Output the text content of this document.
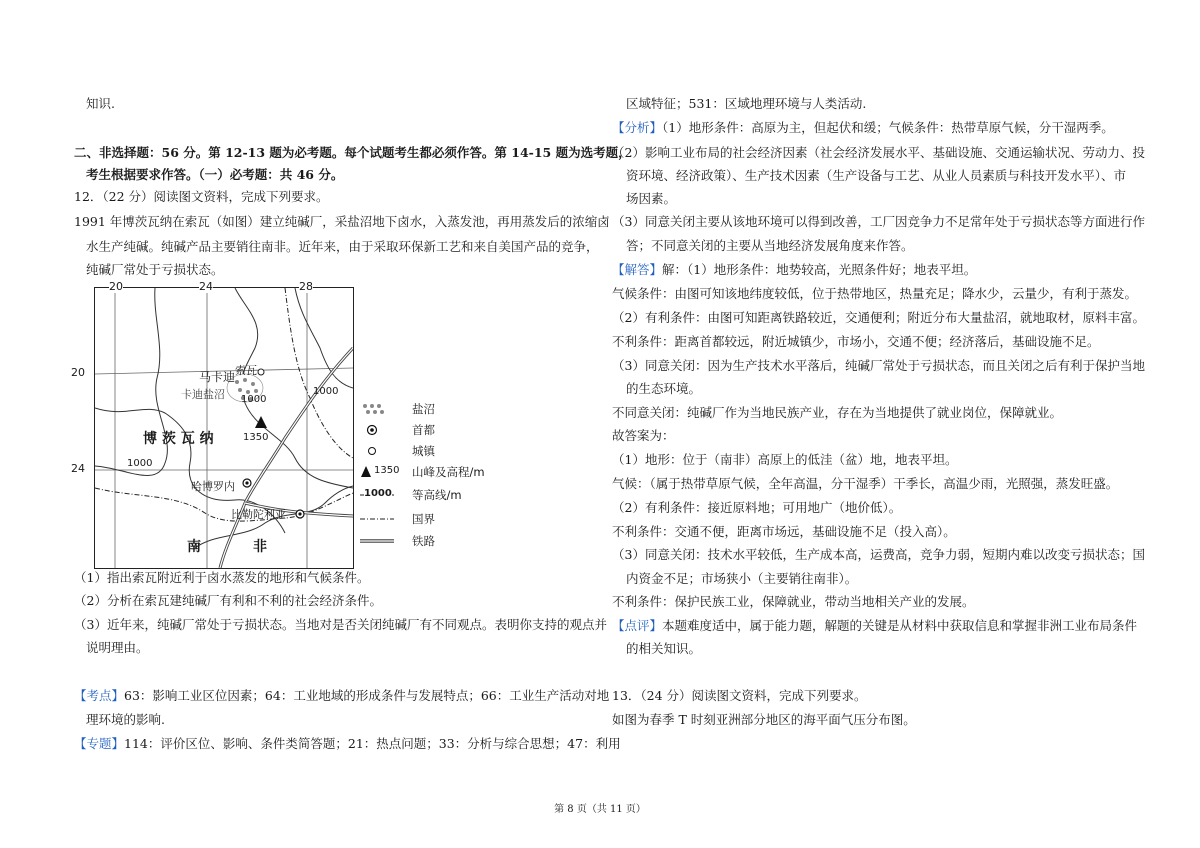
知识.
二、非选择题：56 分。第 12-13 题为必考题。每个试题考生都必须作答。第 14-15 题为选考题，
考生根据要求作答。（一）必考题：共 46 分。
12．（22 分）阅读图文资料，完成下列要求。
1991 年博茨瓦纳在索瓦（如图）建立纯碱厂，采盐沼地下卤水，入蒸发池，再用蒸发后的浓缩卤
水生产纯碱。纯碱产品主要销往南非。近年来，由于采取环保新工艺和来自美国产品的竞争，
纯碱厂常处于亏损状态。
（1）指出索瓦附近利于卤水蒸发的地形和气候条件。
（2）分析在索瓦建纯碱厂有利和不利的社会经济条件。
（3）近年来，纯碱厂常处于亏损状态。当地对是否关闭纯碱厂有不同观点。表明你支持的观点并
说明理由。
【考点】63：影响工业区位因素；64：工业地域的形成条件与发展特点；66：工业生产活动对地
理环境的影响.
【专题】114：评价区位、影响、条件类简答题；21：热点问题；33：分析与综合思想；47：利用
20	24	28
20
24
马卡迪
卡迪盐沼
索瓦
1000
1000
1000
1350
博 茨 瓦 纳
哈博罗内
比勒陀利亚
南	非
盐沼
首都
城镇
1350 山峰及高程/m
1000 等高线/m
国界
铁路
区域特征；531：区域地理环境与人类活动.
【分析】（1）地形条件：高原为主，但起伏和缓；气候条件：热带草原气候，分干湿两季。
（2）影响工业布局的社会经济因素（社会经济发展水平、基础设施、交通运输状况、劳动力、投
资环境、经济政策）、生产技术因素（生产设备与工艺、从业人员素质与科技开发水平）、市
场因素。
（3）同意关闭主要从该地环境可以得到改善，工厂因竞争力不足常年处于亏损状态等方面进行作
答；不同意关闭的主要从当地经济发展角度来作答。
【解答】解：（1）地形条件：地势较高，光照条件好；地表平坦。
气候条件：由图可知该地纬度较低，位于热带地区，热量充足；降水少，云量少，有利于蒸发。
（2）有利条件：由图可知距离铁路较近，交通便利；附近分布大量盐沼，就地取材，原料丰富。
不利条件：距离首都较远，附近城镇少，市场小，交通不便；经济落后，基础设施不足。
（3）同意关闭：因为生产技术水平落后，纯碱厂常处于亏损状态，而且关闭之后有利于保护当地
的生态环境。
不同意关闭：纯碱厂作为当地民族产业，存在为当地提供了就业岗位，保障就业。
故答案为：
（1）地形：位于（南非）高原上的低洼（盆）地，地表平坦。
气候：（属于热带草原气候，全年高温，分干湿季）干季长，高温少雨，光照强，蒸发旺盛。
（2）有利条件：接近原料地；可用地广（地价低）。
不利条件：交通不便，距离市场远，基础设施不足（投入高）。
（3）同意关闭：技术水平较低，生产成本高，运费高，竞争力弱，短期内难以改变亏损状态；国
内资金不足；市场狭小（主要销往南非）。
不利条件：保护民族工业，保障就业，带动当地相关产业的发展。
【点评】本题难度适中，属于能力题，解题的关键是从材料中获取信息和掌握非洲工业布局条件
的相关知识。
13．（24 分）阅读图文资料，完成下列要求。
如图为春季 T 时刻亚洲部分地区的海平面气压分布图。
第 8 页（共 11 页）
